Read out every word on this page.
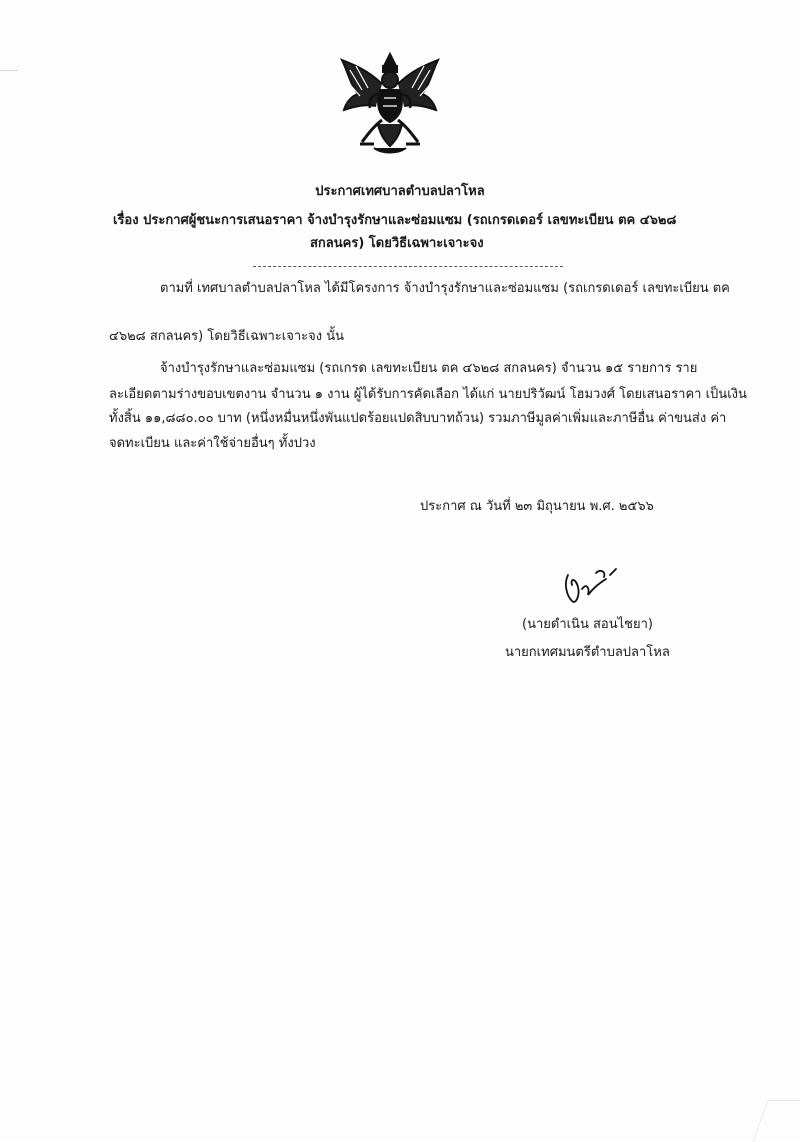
ประกาศเทศบาลตำบลปลาโหล
เรื่อง ประกาศผู้ชนะการเสนอราคา จ้างบำรุงรักษาและซ่อมแซม (รถเกรดเดอร์ เลขทะเบียน ตค ๔๖๒๘
สกลนคร) โดยวิธีเฉพาะเจาะจง
ตามที่ เทศบาลตำบลปลาโหล ได้มีโครงการ จ้างบำรุงรักษาและซ่อมแซม (รถเกรดเดอร์ เลขทะเบียน ตค
๔๖๒๘ สกลนคร) โดยวิธีเฉพาะเจาะจง นั้น
จ้างบำรุงรักษาและซ่อมแซม (รถเกรด เลขทะเบียน ตค ๔๖๒๘ สกลนคร) จำนวน ๑๕ รายการ ราย
ละเอียดตามร่างขอบเขตงาน จำนวน ๑ งาน ผู้ได้รับการคัดเลือก ได้แก่ นายปริวัฒน์ โฮมวงศ์ โดยเสนอราคา เป็นเงิน
ทั้งสิ้น ๑๑,๘๘๐.๐๐ บาท (หนึ่งหมื่นหนึ่งพันแปดร้อยแปดสิบบาทถ้วน) รวมภาษีมูลค่าเพิ่มและภาษีอื่น ค่าขนส่ง ค่า
จดทะเบียน และค่าใช้จ่ายอื่นๆ ทั้งปวง
ประกาศ ณ วันที่ ๒๓ มิถุนายน พ.ศ. ๒๕๖๖
(นายดำเนิน สอนไชยา)
นายกเทศมนตรีตำบลปลาโหล
